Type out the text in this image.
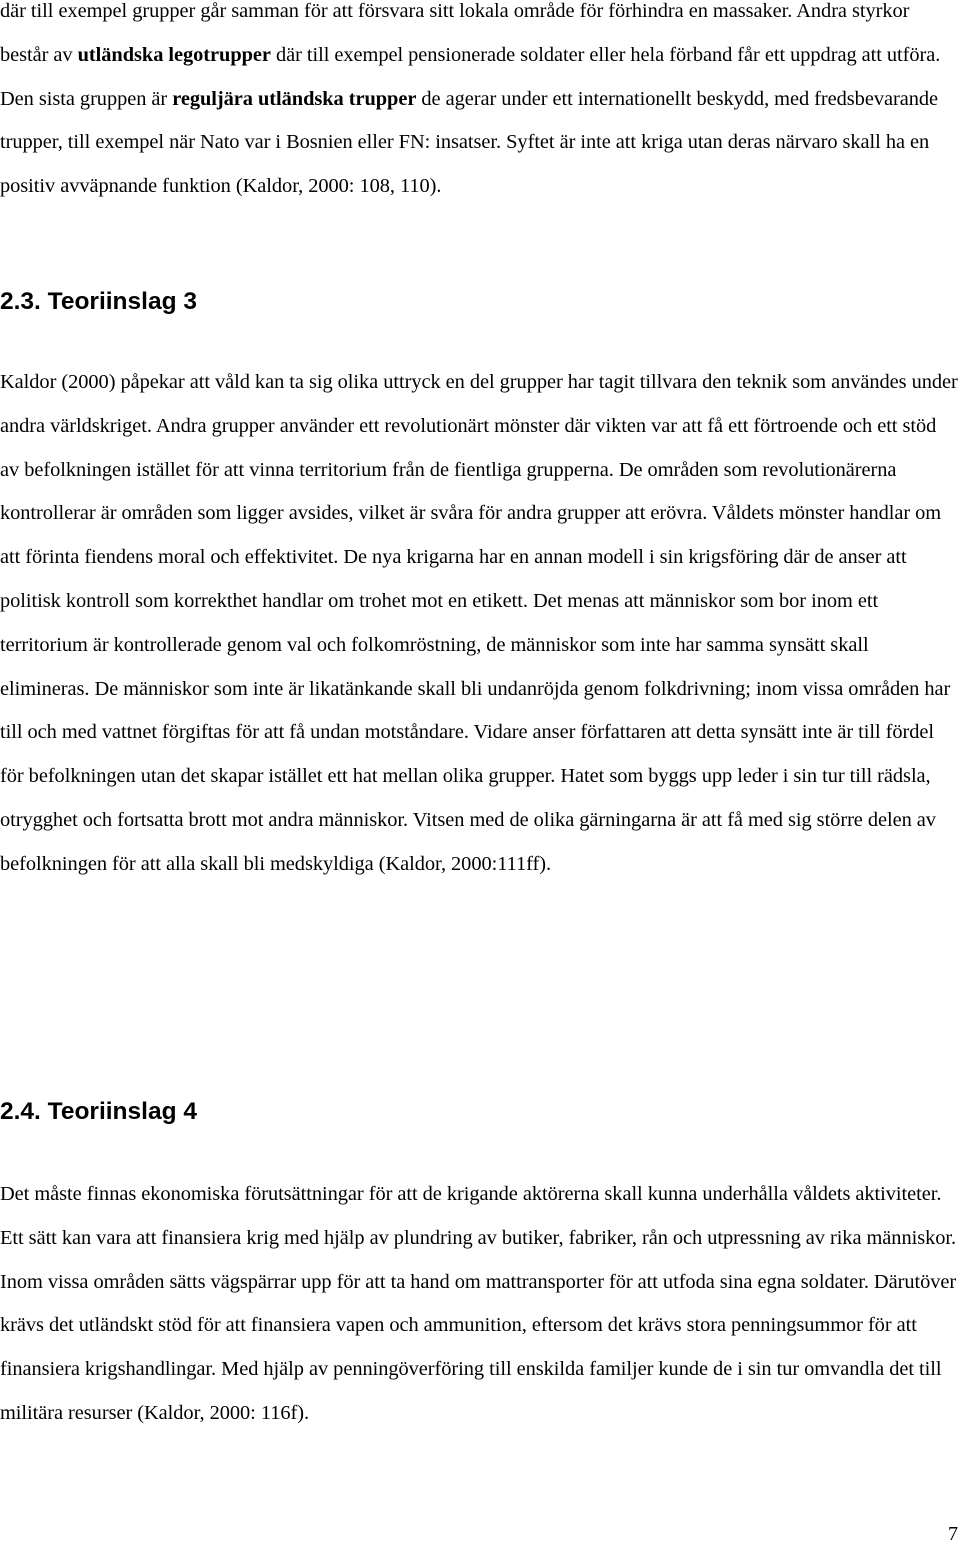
där till exempel grupper går samman för att försvara sitt lokala område för förhindra en massaker. Andra styrkor består av utländska legotrupper där till exempel pensionerade soldater eller hela förband får ett uppdrag att utföra. Den sista gruppen är reguljära utländska trupper de agerar under ett internationellt beskydd, med fredsbevarande trupper, till exempel när Nato var i Bosnien eller FN: insatser. Syftet är inte att kriga utan deras närvaro skall ha en positiv avväpnande funktion (Kaldor, 2000: 108, 110).

2.3. Teoriinslag 3

Kaldor (2000) påpekar att våld kan ta sig olika uttryck en del grupper har tagit tillvara den teknik som användes under andra världskriget. Andra grupper använder ett revolutionärt mönster där vikten var att få ett förtroende och ett stöd av befolkningen istället för att vinna territorium från de fientliga grupperna. De områden som revolutionärerna kontrollerar är områden som ligger avsides, vilket är svåra för andra grupper att erövra. Våldets mönster handlar om att förinta fiendens moral och effektivitet. De nya krigarna har en annan modell i sin krigsföring där de anser att politisk kontroll som korrekthet handlar om trohet mot en etikett. Det menas att människor som bor inom ett territorium är kontrollerade genom val och folkomröstning, de människor som inte har samma synsätt skall elimineras. De människor som inte är likatänkande skall bli undanröjda genom folkdrivning; inom vissa områden har till och med vattnet förgiftas för att få undan motståndare. Vidare anser författaren att detta synsätt inte är till fördel för befolkningen utan det skapar istället ett hat mellan olika grupper. Hatet som byggs upp leder i sin tur till rädsla, otrygghet och fortsatta brott mot andra människor. Vitsen med de olika gärningarna är att få med sig större delen av befolkningen för att alla skall bli medskyldiga (Kaldor, 2000:111ff).

2.4. Teoriinslag 4

Det måste finnas ekonomiska förutsättningar för att de krigande aktörerna skall kunna underhålla våldets aktiviteter. Ett sätt kan vara att finansiera krig med hjälp av plundring av butiker, fabriker, rån och utpressning av rika människor. Inom vissa områden sätts vägspärrar upp för att ta hand om mattransporter för att utfoda sina egna soldater. Därutöver krävs det utländskt stöd för att finansiera vapen och ammunition, eftersom det krävs stora penningsummor för att finansiera krigshandlingar. Med hjälp av penningöverföring till enskilda familjer kunde de i sin tur omvandla det till militära resurser (Kaldor, 2000: 116f).

7
